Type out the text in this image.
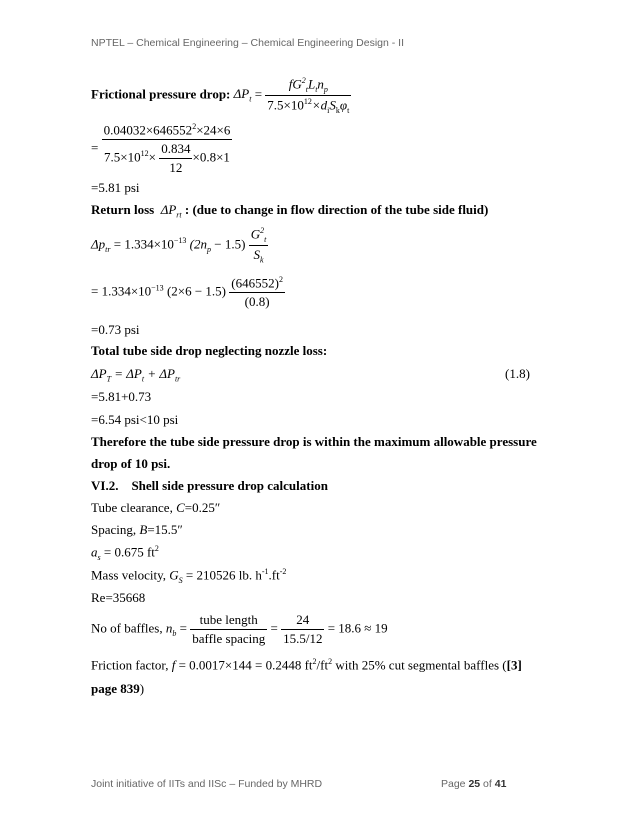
NPTEL – Chemical Engineering – Chemical Engineering Design - II
Frictional pressure drop: $\Delta P_t = \frac{fG^2_tL_tn_p}{7.5\times 10^{12}\times d_iS_k\varphi_t}$
= $\frac{0.04032\times 646552^2\times 24\times 6}{7.5\times 10^{12}\times \frac{0.834}{12} \times 0.8\times 1}$
=5.81 psi
Return loss $\Delta P_{rt}$ : (due to change in flow direction of the tube side fluid)
$\Delta p_{tr} = 1.334\times 10^{-13}$ $(2n_p - 1.5) \frac{G^2_t}{S_k}$
= $1.334\times 10^{-13}$ $(2\times 6 - 1.5) \frac{(646552)^2}{(0.8)}$
=0.73 psi
Total tube side drop neglecting nozzle loss:
$\Delta P_T = \Delta P_t + \Delta P_{tr}$	(1.8)
=5.81+0.73
=6.54 psi<10 psi
Therefore the tube side pressure drop is within the maximum allowable pressure
drop of 10 psi.
VI.2. Shell side pressure drop calculation
Tube clearance, C=0.25″
Spacing, B=15.5″
$a_s = 0.675$ $ft^2$
Mass velocity, $G_S = 210526$ lb. $h^{-1}.ft^{-2}$
Re=35668
No of baffles, $n_b = \frac{\text{tube length}}{\text{baffle spacing}} = \frac{24}{15.5/12} = 18.6 \approx 19$
Friction factor, f = 0.0017×144 = 0.2448 $ft^2/ft^2$ with 25% cut segmental baffles ([3]
page 839)
Joint initiative of IITs and IISc – Funded by MHRD	Page 25 of 41
